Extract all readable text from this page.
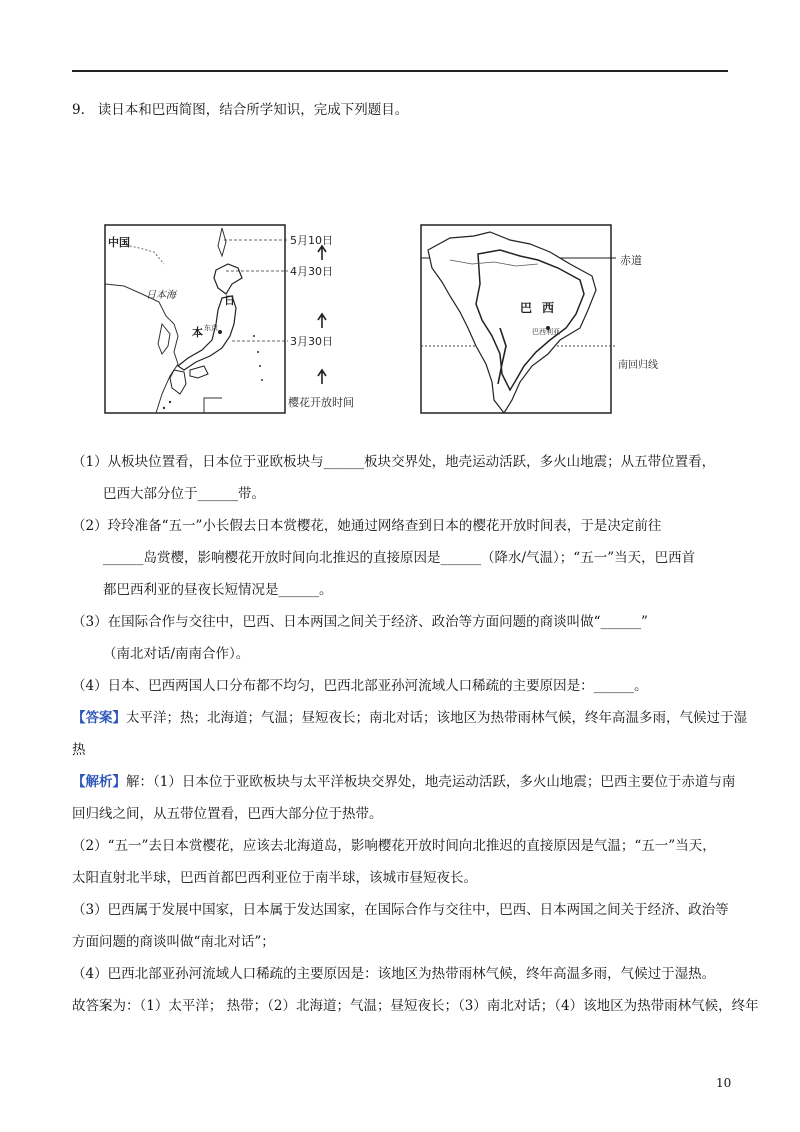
9. 读日本和巴西简图，结合所学知识，完成下列题目。
中国
日本海	日
本 东京
5月10日
4月30日
3月30日
樱花开放时间
巴 西
巴西利亚
赤道
南回归线
（1）从板块位置看，日本位于亚欧板块与______板块交界处，地壳运动活跃，多火山地震；从五带位置看，
巴西大部分位于______带。
（2）玲玲准备“五一”小长假去日本赏樱花，她通过网络查到日本的樱花开放时间表，于是决定前往
______岛赏樱，影响樱花开放时间向北推迟的直接原因是______（降水/气温）；“五一”当天，巴西首
都巴西利亚的昼夜长短情况是______。
（3）在国际合作与交往中，巴西、日本两国之间关于经济、政治等方面问题的商谈叫做“______”
（南北对话/南南合作）。
（4）日本、巴西两国人口分布都不均匀，巴西北部亚孙河流域人口稀疏的主要原因是：______。
【答案】太平洋；热；北海道；气温；昼短夜长；南北对话；该地区为热带雨林气候，终年高温多雨，气候过于湿
热
【解析】解：（1）日本位于亚欧板块与太平洋板块交界处，地壳运动活跃，多火山地震；巴西主要位于赤道与南
回归线之间，从五带位置看，巴西大部分位于热带。
（2）“五一”去日本赏樱花，应该去北海道岛，影响樱花开放时间向北推迟的直接原因是气温；“五一”当天，
太阳直射北半球，巴西首都巴西利亚位于南半球，该城市昼短夜长。
（3）巴西属于发展中国家，日本属于发达国家，在国际合作与交往中，巴西、日本两国之间关于经济、政治等
方面问题的商谈叫做“南北对话”；
（4）巴西北部亚孙河流域人口稀疏的主要原因是：该地区为热带雨林气候，终年高温多雨，气候过于湿热。
故答案为：（1）太平洋； 热带；（2）北海道；气温；昼短夜长；（3）南北对话；（4）该地区为热带雨林气候，终年
10
